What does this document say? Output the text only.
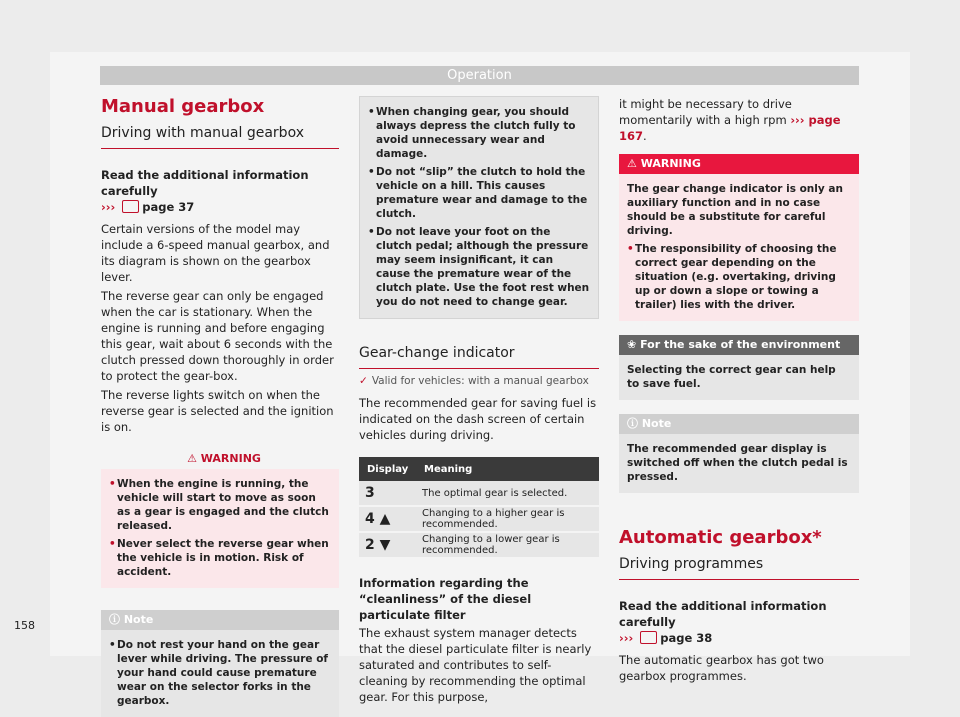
Operation
Manual gearbox
Driving with manual gearbox

Read the additional information carefully
››› page 37

Certain versions of the model may include a 6-speed manual gearbox, and its diagram is shown on the gearbox lever.

The reverse gear can only be engaged when the car is stationary. When the engine is running and before engaging this gear, wait about 6 seconds with the clutch pressed down thoroughly in order to protect the gear-box.

The reverse lights switch on when the reverse gear is selected and the ignition is on.

⚠ WARNING
• When the engine is running, the vehicle will start to move as soon as a gear is engaged and the clutch released.
• Never select the reverse gear when the vehicle is in motion. Risk of accident.
ⓘ Note
• Do not rest your hand on the gear lever while driving. The pressure of your hand could cause premature wear on the selector forks in the gearbox.
• When changing gear, you should always depress the clutch fully to avoid unnecessary wear and damage.
• Do not “slip” the clutch to hold the vehicle on a hill. This causes premature wear and damage to the clutch.
• Do not leave your foot on the clutch pedal; although the pressure may seem insignificant, it can cause the premature wear of the clutch plate. Use the foot rest when you do not need to change gear.
Gear-change indicator
✓ Valid for vehicles: with a manual gearbox

The recommended gear for saving fuel is indicated on the dash screen of certain vehicles during driving.

Display	Meaning
3	The optimal gear is selected.
4 ▲	Changing to a higher gear is recommended.
2 ▼	Changing to a lower gear is recommended.

Information regarding the “cleanliness” of the diesel particulate filter

The exhaust system manager detects that the diesel particulate filter is nearly saturated and contributes to self-cleaning by recommending the optimal gear. For this purpose,

it might be necessary to drive momentarily with a high rpm ››› page 167.

⚠ WARNING
The gear change indicator is only an auxiliary function and in no case should be a substitute for careful driving.
• The responsibility of choosing the correct gear depending on the situation (e.g. overtaking, driving up or down a slope or towing a trailer) lies with the driver.
❀ For the sake of the environment
Selecting the correct gear can help to save fuel.
ⓘ Note
The recommended gear display is switched off when the clutch pedal is pressed.
Automatic gearbox*
Driving programmes

Read the additional information carefully
››› page 38

The automatic gearbox has got two gearbox programmes.

158
